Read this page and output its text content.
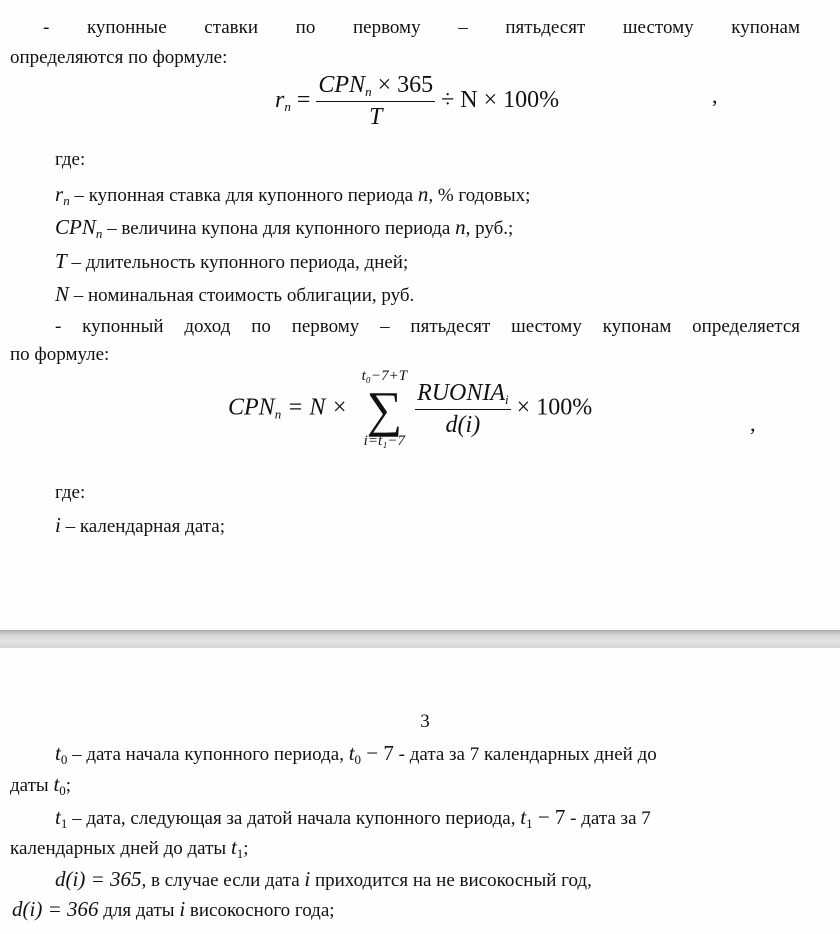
- купонные ставки по первому – пятьдесят шестому купонам
определяются по формуле:
$r_n = \frac{CPN_n \times 365}{T} \div N \times 100\%$	,
где:
$r_n$ – купонная ставка для купонного периода n, % годовых;
$CPN_n$ – величина купона для купонного периода n, руб.;
T – длительность купонного периода, дней;
N – номинальная стоимость облигации, руб.
- купонный доход по первому – пятьдесят шестому купонам определяется
по формуле:
$CPN_n = N$ ×
t₀−7+T
∑
i=t₁−7
$\frac{RUONIA_i}{d(i)} \times 100\%$
,
где:
i – календарная дата;
3
$t_0$ – дата начала купонного периода, $t_0 - 7$ - дата за 7 календарных дней до
даты $t_0$;
$t_1$ – дата, следующая за датой начала купонного периода, $t_1 - 7$ - дата за 7
календарных дней до даты $t_1$;
d(i) = 365, в случае если дата i приходится на не високосный год,
d(i) = 366 для даты i високосного года;
